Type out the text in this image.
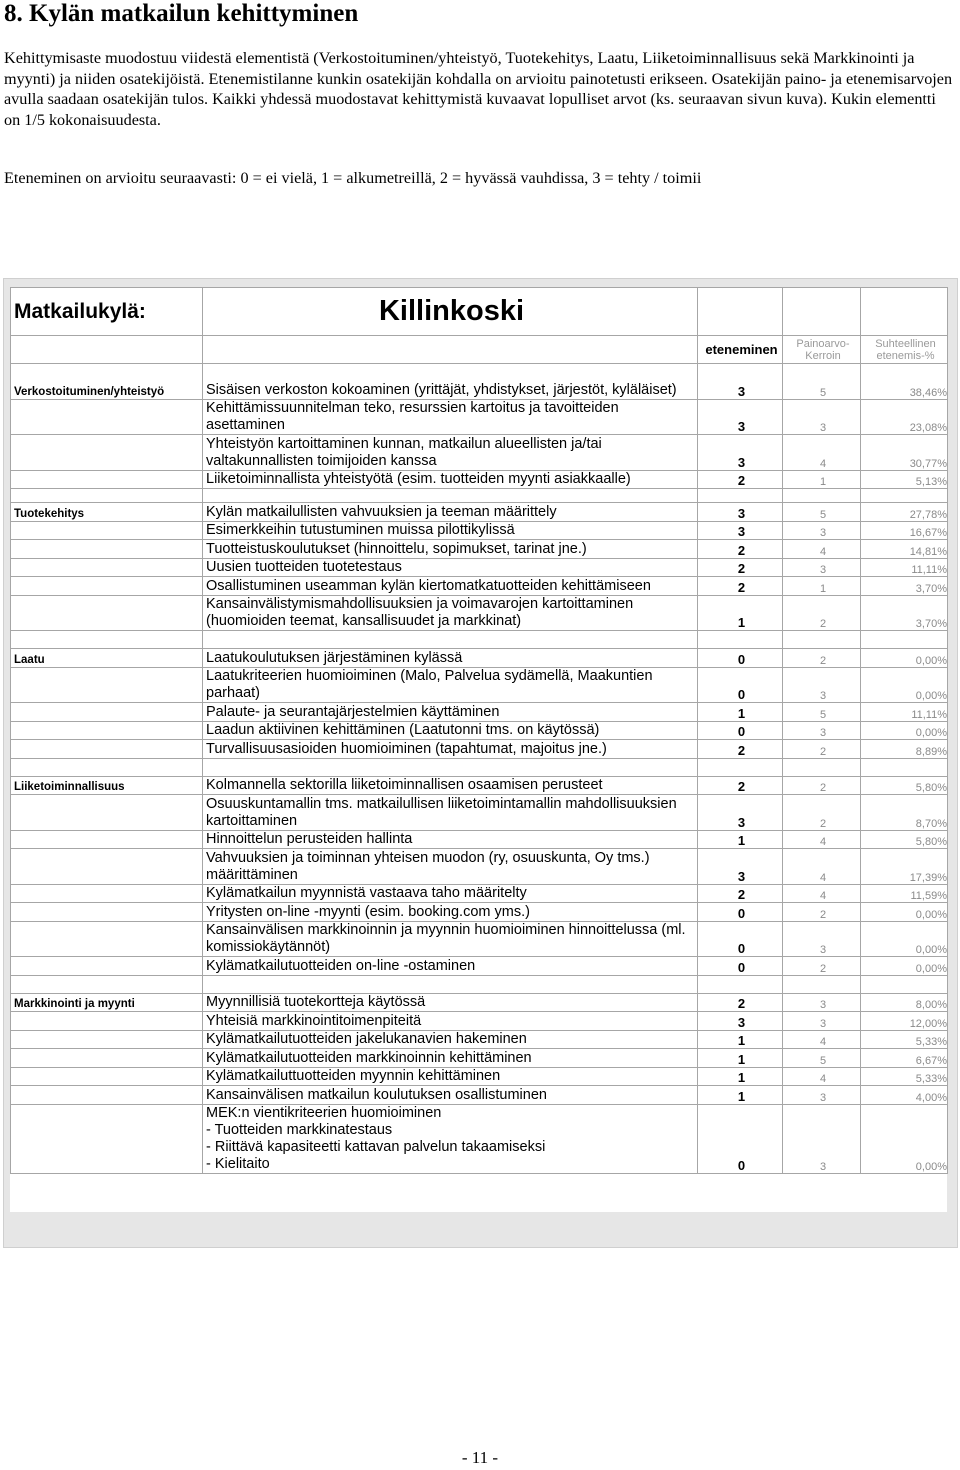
8. Kylän matkailun kehittyminen

Kehittymisaste muodostuu viidestä elementistä (Verkostoituminen/yhteistyö, Tuotekehitys, Laatu, Liiketoiminnallisuus sekä Markkinointi ja myynti) ja niiden osatekijöistä. Etenemistilanne kunkin osatekijän kohdalla on arvioitu painotetusti erikseen. Osatekijän paino- ja etenemisarvojen avulla saadaan osatekijän tulos. Kaikki yhdessä muodostavat kehittymistä kuvaavat lopulliset arvot (ks. seuraavan sivun kuva). Kukin elementti on 1/5 kokonaisuudesta.

Eteneminen on arvioitu seuraavasti: 0 = ei vielä, 1 = alkumetreillä, 2 = hyvässä vauhdissa, 3 = tehty / toimii

Matkailukylä:	Killinkoski			
		eteneminen	Painoarvo-Kerroin	Suhteellinen etenemis-%
Verkostoituminen/yhteistyö	Sisäisen verkoston kokoaminen (yrittäjät, yhdistykset, järjestöt, kyläläiset)	3	5	38,46%
	Kehittämissuunnitelman teko, resurssien kartoitus ja tavoitteiden asettaminen	3	3	23,08%
	Yhteistyön kartoittaminen kunnan, matkailun alueellisten ja/tai valtakunnallisten toimijoiden kanssa	3	4	30,77%
	Liiketoiminnallista yhteistyötä (esim. tuotteiden myynti asiakkaalle)	2	1	5,13%

Tuotekehitys	Kylän matkailullisten vahvuuksien ja teeman määrittely	3	5	27,78%
	Esimerkkeihin tutustuminen muissa pilottikylissä	3	3	16,67%
	Tuotteistuskoulutukset (hinnoittelu, sopimukset, tarinat jne.)	2	4	14,81%
	Uusien tuotteiden tuotetestaus	2	3	11,11%
	Osallistuminen useamman kylän kiertomatkatuotteiden kehittämiseen	2	1	3,70%
	Kansainvälistymismahdollisuuksien ja voimavarojen kartoittaminen (huomioiden teemat, kansallisuudet ja markkinat)	1	2	3,70%

Laatu	Laatukoulutuksen järjestäminen kylässä	0	2	0,00%
	Laatukriteerien huomioiminen (Malo, Palvelua sydämellä, Maakuntien parhaat)	0	3	0,00%
	Palaute- ja seurantajärjestelmien käyttäminen	1	5	11,11%
	Laadun aktiivinen kehittäminen (Laatutonni tms. on käytössä)	0	3	0,00%
	Turvallisuusasioiden huomioiminen (tapahtumat, majoitus jne.)	2	2	8,89%

Liiketoiminnallisuus	Kolmannella sektorilla liiketoiminnallisen osaamisen perusteet	2	2	5,80%
	Osuuskuntamallin tms. matkailullisen liiketoimintamallin mahdollisuuksien kartoittaminen	3	2	8,70%
	Hinnoittelun perusteiden hallinta	1	4	5,80%
	Vahvuuksien ja toiminnan yhteisen muodon (ry, osuuskunta, Oy tms.) määrittäminen	3	4	17,39%
	Kylämatkailun myynnistä vastaava taho määritelty	2	4	11,59%
	Yritysten on-line -myynti (esim. booking.com yms.)	0	2	0,00%
	Kansainvälisen markkinoinnin ja myynnin huomioiminen hinnoittelussa (ml. komissiokäytännöt)	0	3	0,00%
	Kylämatkailutuotteiden on-line -ostaminen	0	2	0,00%

Markkinointi ja myynti	Myynnillisiä tuotekortteja käytössä	2	3	8,00%
	Yhteisiä markkinointitoimenpiteitä	3	3	12,00%
	Kylämatkailutuotteiden jakelukanavien hakeminen	1	4	5,33%
	Kylämatkailutuotteiden markkinoinnin kehittäminen	1	5	6,67%
	Kylämatkailuttuotteiden myynnin kehittäminen	1	4	5,33%
	Kansainvälisen matkailun koulutuksen osallistuminen	1	3	4,00%
	MEK:n vientikriteerien huomioiminen
- Tuotteiden markkinatestaus
- Riittävä kapasiteetti kattavan palvelun takaamiseksi
- Kielitaito	0	3	0,00%
- 11 -
